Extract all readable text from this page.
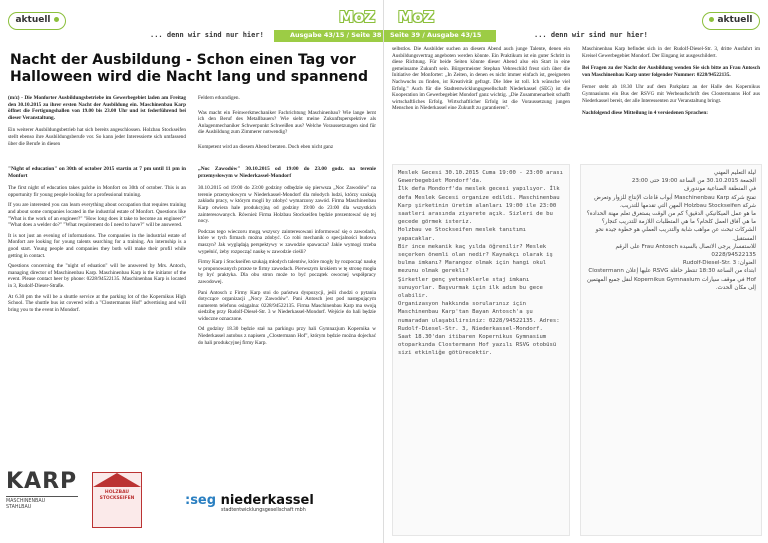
aktuell	MoZ
Ausgabe 43/15 / Seite 38
... denn wir sind nur hier!
Nacht der Ausbildung - Schon einen Tag vor Halloween wird die Nacht lang und spannend

(m/z) - Die Monforter Ausbildungsbetriebe im Gewerbegebiet laden am Freitag den 30.10.2015 zu ihrer ersten Nacht der Ausbildung ein. Maschinenbau Karp öffnet die Fertigungshallen von 19.00 bis 23.00 Uhr und ist federführend bei dieser Veranstaltung.

Ein weiterer Ausbildungsbetrieb hat sich bereits angeschlossen. Holzbau Stockseifen stellt ebenso ihre Ausbildungsberufe vor. So kann jeder Interessierte sich umfassend über die Berufe in diesen

Feldern erkundigen.

Was macht ein Feinwerkmechaniker Fachrichtung Maschinenbau? Wie lange lernt ich den Beruf des Metallbauers? Wie sieht meine Zukunftsperspektive als Anlagenmechaniker Schwerpunkt Schweißen aus? Welche Voraussetzungen sind für die Ausbildung zum Zimmerer notwendig?

Kompetent wird an diesem Abend beraten. Doch eben nicht ganz

"Night of education" on 30th of october 2015 startin at 7 pm until 11 pm in Monfort

The first night of education takes palche in Monfort on 30th of october. This is an opportunity fir young people looking for a professional training.

If you are interested you can learn everything about occupation that requires training and about some companies located in the industrial estate of Monfort. Questions like "What is the work of an engineer?" "How long does it take to become an engineer?" "What does a welder do?" "What requirement do I need to have?" will be answered.

It is not just an evening of informations. The companies in the industrial estate of Monfort are looking for young talents searching for a training. An internship is a good start. Young people and companies they both will make their profil while getting in contact.

Questions concerning the "night of eduation" will be answered by Mrs. Antoch, managing director of Maschinenbau Karp. Maschinenbau Karp is the initiator of the event. Please contact heer by phone: 0228/94522135. Maschinenbau Karp is located in 3, Rudolf-Dieser-Straße.

At 6.30 pm the will be a shuttle service at the parking lot of the Kopernikus High School. The shuttle bus ist covered with a "Clostermanns Hof" advertising and will bring you to the event in Mondorf.

„Noc Zawodów" 30.10.2015 od 19:00 do 23.00 godz. na terenie przemysłowym w Niederkassel-Mondorf

30.10.2015 od 19:00 do 23:00 godziny odbędzie się pierwsza „Noc Zawodów" na terenie przemysłowym w Niederkassel-Mondorf dla młodych ludzi, którzy szukają zakładu pracy, w którym mogli by zdobyć wymarzony zawód. Firma Maschinenbau Karp otwiera hale produkcyjną od godziny 19:00 do 23:00 dla wszystkich zainteresowanych. Również Firma Holzbau Stockseifen będzie prezentować się tej nocy.

Podczas tego wieczoru mogą wszyscy zainteresowani informować się o zawodach, które w tych firmach można zdobyć. Co robi mechanik o specjalności budowa maszyn? Jak wyglądają perspektywy w zawodzie spawacza? Jakie wymogi trzeba wypełnić, żeby rozpocząć naukę w zawodzie cieśli?

Firmy Karp i Stockseifen szukają młodych talentów, które mogły by rozpocząć naukę w proponowanych przeze te firmy zawodach. Pierwszym krokiem w tę stronę mogła by być praktyka. Dla obu stron może to być początek owocnej współpracy zawodowej.

Pani Antosch z Firmy Karp stoi do państwa dyspozycji, jeśli chodzi o pytania dotyczące organizacji „Nocy Zawodów". Pani Antosch jest pod następującym numerem telefonu osiągalna: 0228/94522135. Firma Maschinenbau Karp ma swoją siedzibę przy Rudolf-Diesel-Str. 3 w Niederkassel-Mondorf. Wejście do hali będzie widoczne oznaczone.

Od godziny 18.30 będzie stał na parkingu przy hali Gymnazjum Kopernika w Niederkassel autobus z napisem „Clostermann Hof", którym będzie można dojechać do hali produkcyjnej firmy Karp.

KARP
MASCHINENBAU
STAHLBAU
HOLZBAU STOCKSEIFEN	:seg niederkassel
stadtentwicklungsgesellschaft mbh
MoZ
Seite 39 / Ausgabe 43/15	... denn wir sind nur hier!
aktuell

selbstlos. Die Ausbilder suchen an diesem Abend auch junge Talente, denen ein Ausbildungsvertrag angeboten werden könnte. Ein Praktikum ist ein guter Schritt in diese Richtung. Für beide Seiten könnte dieser Abend also ein Start in eine gemeinsame Zukunft sein. Bürgermeister Stephan Vehreschild freut sich über die Initiative der Monforter: „In Zeiten, in denen es nicht immer einfach ist, geeigneten Nachwuchs zu finden, ist Kreativität gefragt. Die Idee ist toll. Ich wünsche viel Erfolg." Auch für die Stadtentwicklungsgesellschaft Niederkassel (SEG) ist die Kooperation im Gewerbegebiet Mondorf ganz wichtig. „Die Zusammenarbeit schafft wirtschaftliches Erfolg. Wirtschaftlicher Erfolg ist die Voraussetzung jungen Menschen in Niederkassel eine Zukunft zu garantieren".

Maschinenbau Karp befindet sich in der Rudolf-Diesel-Str. 3, dritte Ausfahrt im Kreisel Gewerbegebiet Mondorf. Der Eingang ist ausgeschildert.

Bei Fragen zu der Nacht der Ausbildung wenden Sie sich bitte an Frau Antosch von Maschinenbau Karp unter folgender Nummer: 0228/94522135.

Ferner steht ab 18.30 Uhr auf dem Parkplatz an der Halle des Kopernikus Gymnasiums ein Bus der RSVG mit Werbeaufschrift des Clostermanns Hof aus Niederkassel bereit, der alle Interessenten zur Veranstaltung bringt.

Nachfolgend diese Mitteilung in 4 versiedenen Sprachen:

Meslek Gecesi 30.10.2015 Cuma 19:00 - 23:00 arası Gewerbegebiet Mondorf'da.
İlk defa Mondorf'da meslek gecesi yapılıyor. İlk defa Meslek Gecesi organize edildi. Maschinenbau Karp şirketinin üretim alanları 19:00 ile 23:00 saatleri arasında ziyarete açık. Sizleri de bu gecede görmek isteriz.
Holzbau ve Stockseifen meslek tanıtımı yapacaklar.
Bir ince mekanik kaç yılda öğrenilir? Meslek seçerken önemli olan nedir? Kaynakçı olarak iş bulma imkanı? Marangoz olmak için hangi okul mezunu olmak gerekli?
Şirketler genç yeteneklerle staj imkanı sunuyorlar. Başvurmak için ilk adım bu gece olabilir.
Organizasyon hakkında sorularınız için Maschinenbau Karp'tan Bayan Antosch'a şu numaradan ulaşabilirsiniz: 0228/94522135. Adres: Rudolf-Diesel-Str. 3, Niederkassel-Mondorf.
Saat 18.30'dan itibaren Kopernikus Gymnasium otoparkında Clostermann Hof yazılı RSVG otobüsü sizi etkinliğe götürecektir.
ليلة التعليم المهني
الجمعة 30.10.2015 من الساعة 19:00 حتى 23:00
في المنطقة الصناعية موندورف
تفتح شركة Maschinenbau Karp أبواب قاعات الإنتاج للزوار وتعرض شركة Holzbau Stockseifen المهن التي تقدمها للتدريب.
ما هو عمل الميكانيكي الدقيق؟ كم من الوقت يستغرق تعلم مهنة الحدادة؟ ما هي آفاق العمل كلحام؟ ما هي المتطلبات اللازمة للتدريب كنجار؟
الشركات تبحث عن مواهب شابة والتدريب العملي هو خطوة جيدة نحو المستقبل.
للاستفسار يرجى الاتصال بالسيدة Frau Antosch على الرقم 0228/94522135
العنوان: Rudolf-Diesel-Str. 3
ابتداء من الساعة 18:30 تنتظر حافلة RSVG عليها إعلان Clostermann Hof في موقف سيارات Kopernikus Gymnasium لنقل جميع المهتمين إلى مكان الحدث.
